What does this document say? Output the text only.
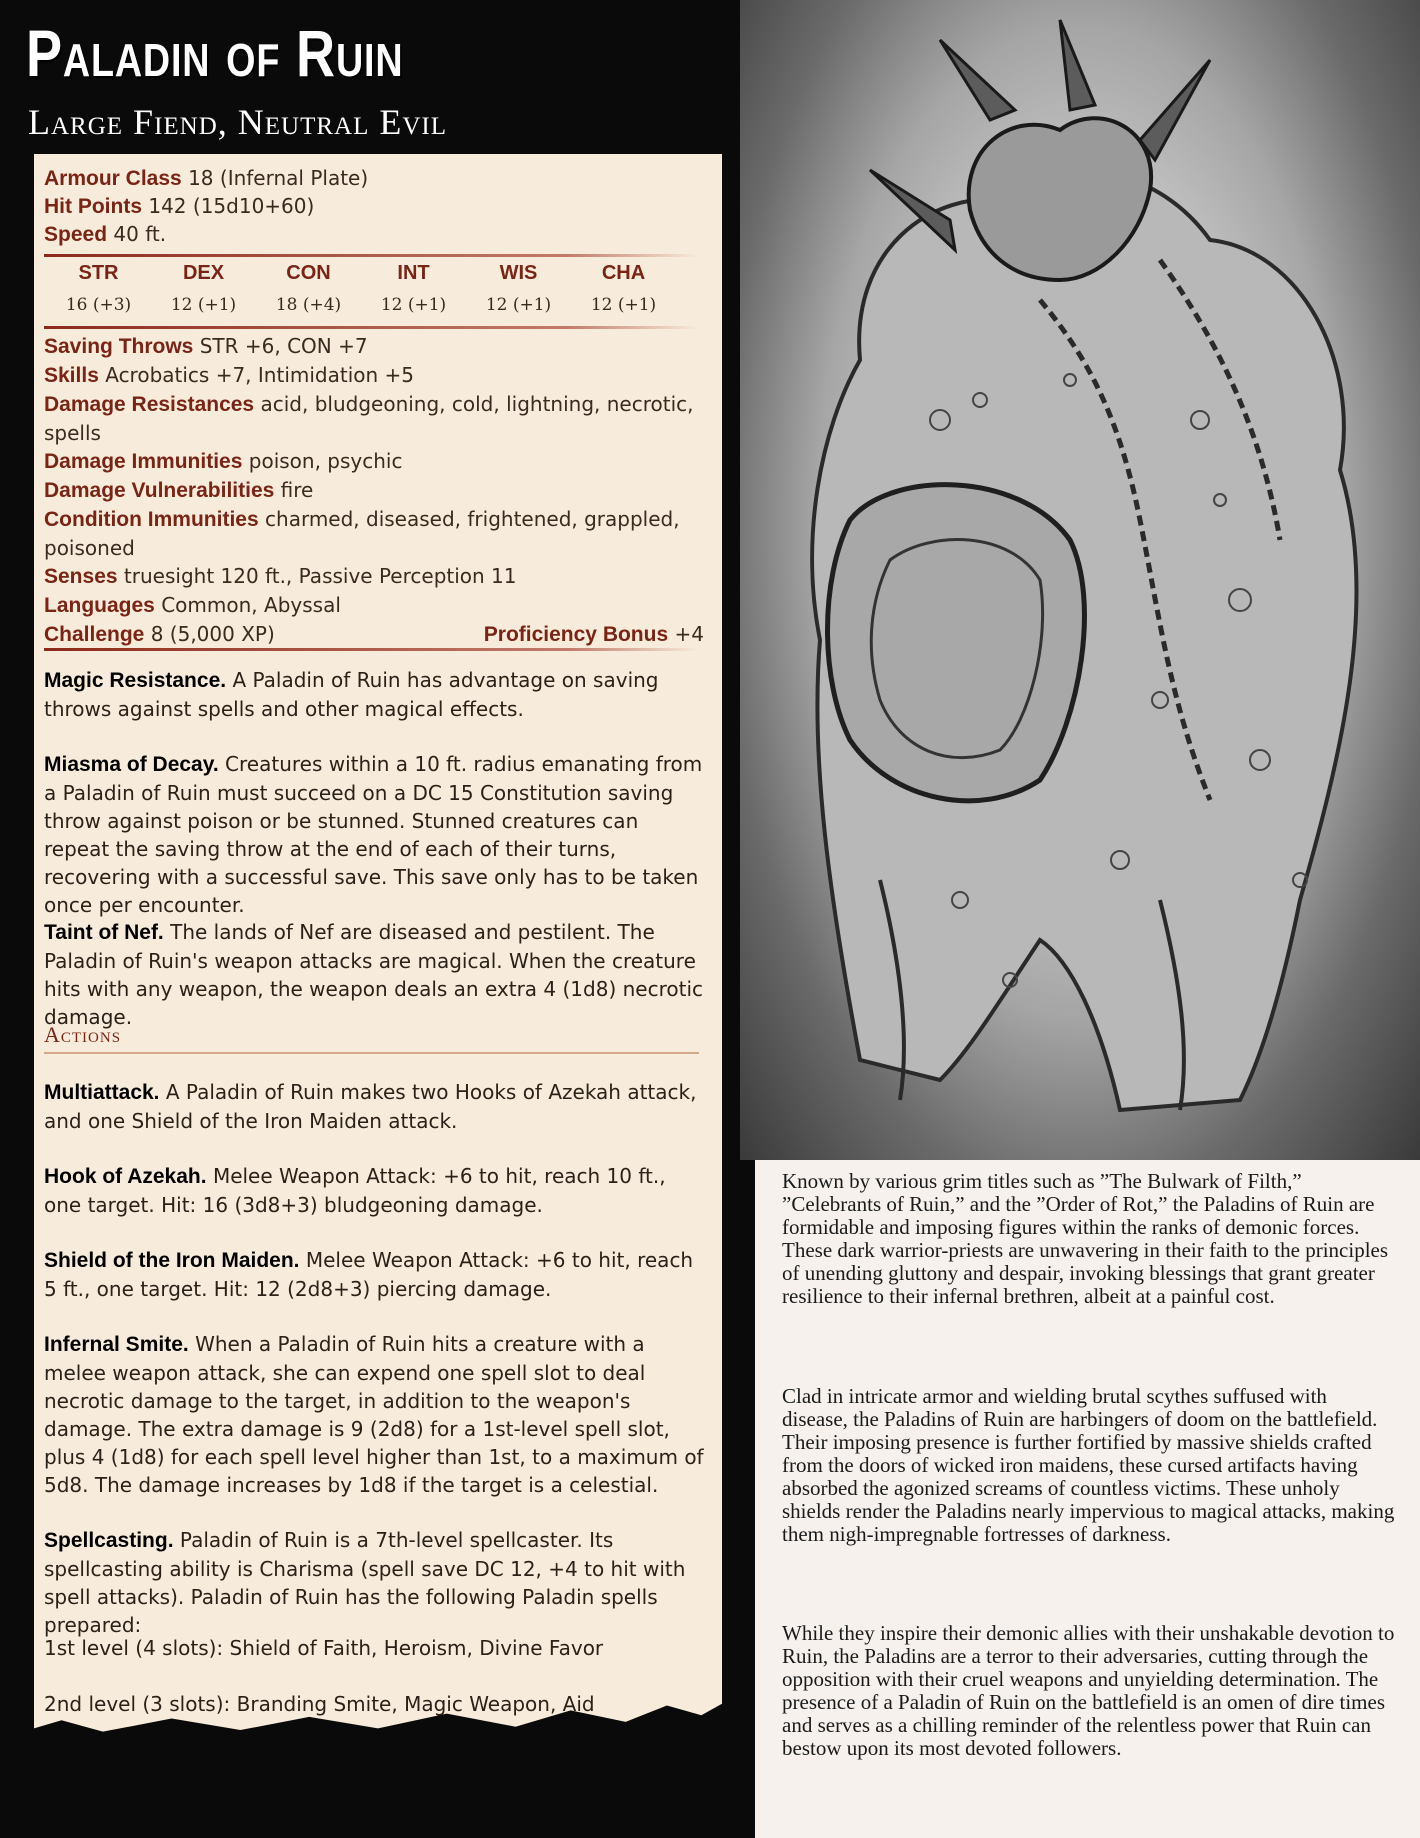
Paladin of Ruin
Large Fiend, Neutral Evil
Armour Class 18 (Infernal Plate)
Hit Points 142 (15d10+60)
Speed 40 ft.
STR
16 (+3)
DEX
12 (+1)
CON
18 (+4)
INT
12 (+1)
WIS
12 (+1)
CHA
12 (+1)
Saving Throws STR +6, CON +7
Skills Acrobatics +7, Intimidation +5
Damage Resistances acid, bludgeoning, cold, lightning, necrotic, spells
Damage Immunities poison, psychic
Damage Vulnerabilities fire
Condition Immunities charmed, diseased, frightened, grappled, poisoned
Senses truesight 120 ft., Passive Perception 11
Languages Common, Abyssal
Challenge 8 (5,000 XP)	Proficiency Bonus +4
Magic Resistance. A Paladin of Ruin has advantage on saving throws against spells and other magical effects.
Miasma of Decay. Creatures within a 10 ft. radius emanating from a Paladin of Ruin must succeed on a DC 15 Constitution saving throw against poison or be stunned. Stunned creatures can repeat the saving throw at the end of each of their turns, recovering with a successful save. This save only has to be taken once per encounter.
Taint of Nef. The lands of Nef are diseased and pestilent. The Paladin of Ruin's weapon attacks are magical. When the creature hits with any weapon, the weapon deals an extra 4 (1d8) necrotic damage.
Actions
Multiattack. A Paladin of Ruin makes two Hooks of Azekah attack, and one Shield of the Iron Maiden attack.
Hook of Azekah. Melee Weapon Attack: +6 to hit, reach 10 ft., one target. Hit: 16 (3d8+3) bludgeoning damage.
Shield of the Iron Maiden. Melee Weapon Attack: +6 to hit, reach 5 ft., one target. Hit: 12 (2d8+3) piercing damage.
Infernal Smite. When a Paladin of Ruin hits a creature with a melee weapon attack, she can expend one spell slot to deal necrotic damage to the target, in addition to the weapon's damage. The extra damage is 9 (2d8) for a 1st-level spell slot, plus 4 (1d8) for each spell level higher than 1st, to a maximum of 5d8. The damage increases by 1d8 if the target is a celestial.
Spellcasting. Paladin of Ruin is a 7th-level spellcaster. Its spellcasting ability is Charisma (spell save DC 12, +4 to hit with spell attacks). Paladin of Ruin has the following Paladin spells prepared:
1st level (4 slots): Shield of Faith, Heroism, Divine Favor
2nd level (3 slots): Branding Smite, Magic Weapon, Aid

Known by various grim titles such as ”The Bulwark of Filth,” ”Celebrants of Ruin,” and the ”Order of Rot,” the Paladins of Ruin are formidable and imposing figures within the ranks of demonic forces. These dark warrior-priests are unwavering in their faith to the principles of unending gluttony and despair, invoking blessings that grant greater resilience to their infernal brethren, albeit at a painful cost.

Clad in intricate armor and wielding brutal scythes suffused with disease, the Paladins of Ruin are harbingers of doom on the battlefield. Their imposing presence is further fortified by massive shields crafted from the doors of wicked iron maidens, these cursed artifacts having absorbed the agonized screams of countless victims. These unholy shields render the Paladins nearly impervious to magical attacks, making them nigh-impregnable fortresses of darkness.

While they inspire their demonic allies with their unshakable devotion to Ruin, the Paladins are a terror to their adversaries, cutting through the opposition with their cruel weapons and unyielding determination. The presence of a Paladin of Ruin on the battlefield is an omen of dire times and serves as a chilling reminder of the relentless power that Ruin can bestow upon its most devoted followers.
